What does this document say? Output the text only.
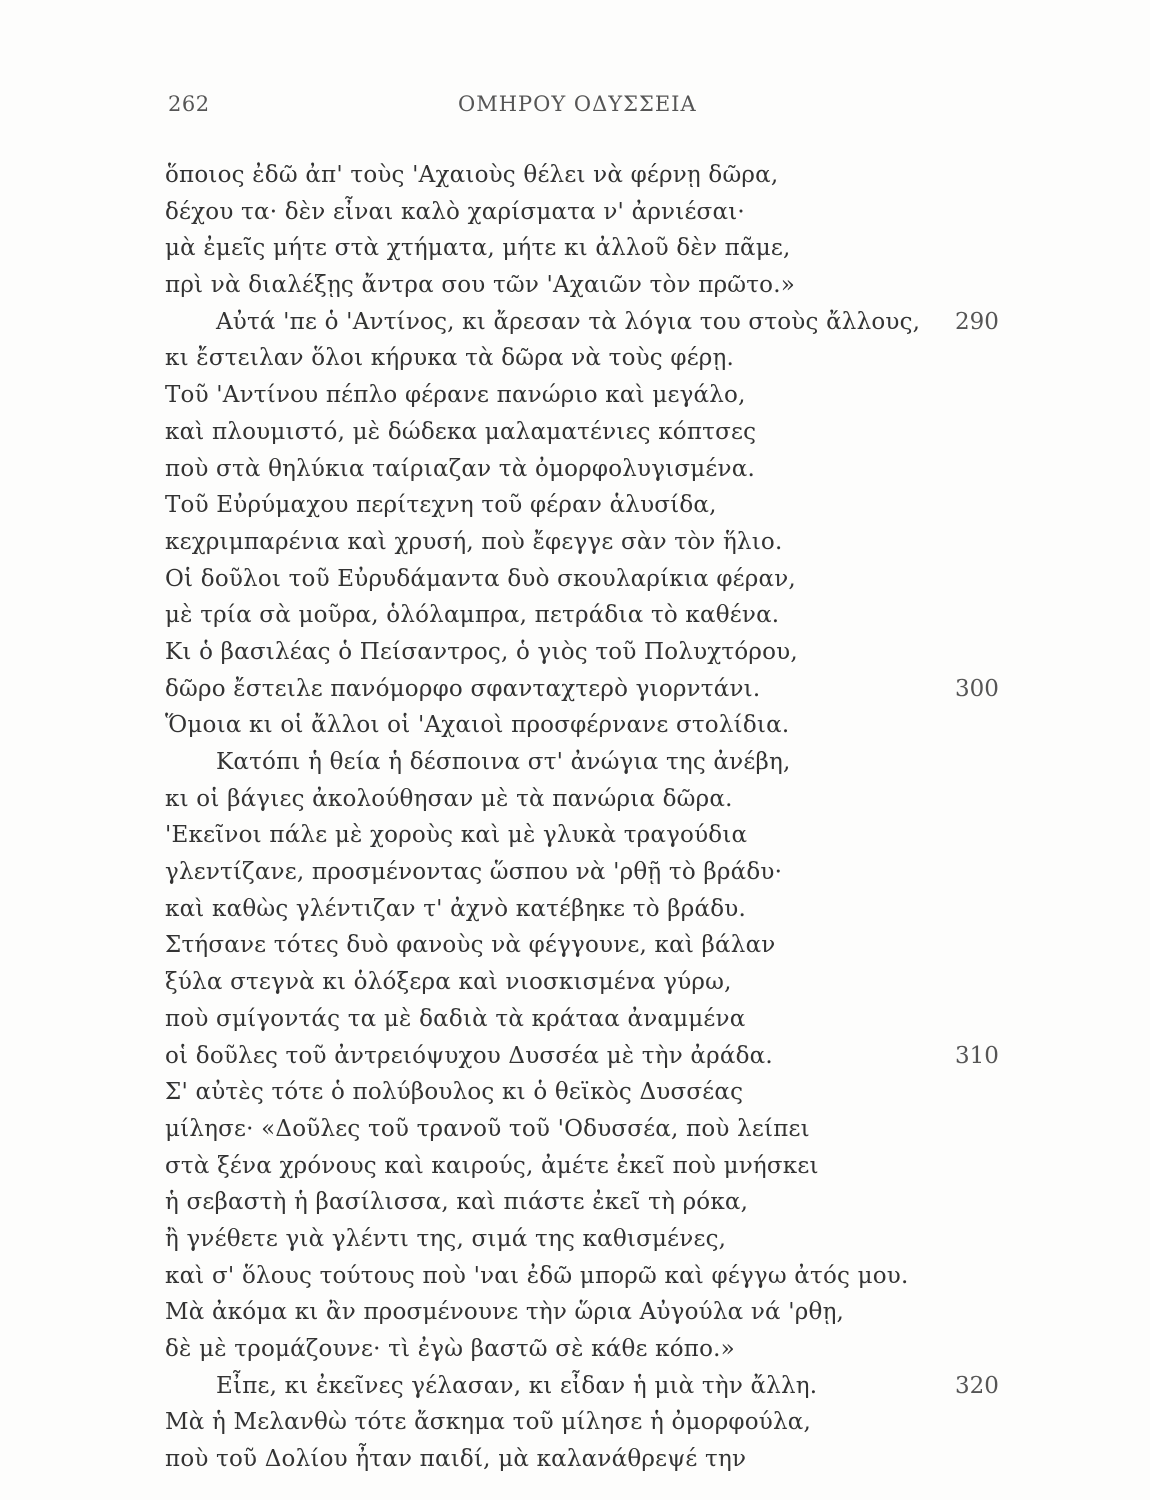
262	ΟΜΗΡΟΥ ΟΔΥΣΣΕΙΑ
ὅποιος ἐδῶ ἀπ' τοὺς 'Αχαιοὺς θέλει νὰ φέρνῃ δῶρα,
δέχου τα· δὲν εἶναι καλὸ χαρίσματα ν' ἀρνιέσαι·
μὰ ἐμεῖς μήτε στὰ χτήματα, μήτε κι ἀλλοῦ δὲν πᾶμε,
πρὶ νὰ διαλέξῃς ἄντρα σου τῶν 'Αχαιῶν τὸν πρῶτο.»
Αὐτά 'πε ὁ 'Αντίνος, κι ἄρεσαν τὰ λόγια του στοὺς ἄλλους, 290
κι ἔστειλαν ὅλοι κήρυκα τὰ δῶρα νὰ τοὺς φέρῃ.
Τοῦ 'Αντίνου πέπλο φέρανε πανώριο καὶ μεγάλο,
καὶ πλουμιστό, μὲ δώδεκα μαλαματένιες κόπτσες
ποὺ στὰ θηλύκια ταίριαζαν τὰ ὀμορφολυγισμένα.
Τοῦ Εὐρύμαχου περίτεχνη τοῦ φέραν ἁλυσίδα,
κεχριμπαρένια καὶ χρυσή, ποὺ ἔφεγγε σὰν τὸν ἥλιο.
Οἱ δοῦλοι τοῦ Εὐρυδάμαντα δυὸ σκουλαρίκια φέραν,
μὲ τρία σὰ μοῦρα, ὁλόλαμπρα, πετράδια τὸ καθένα.
Κι ὁ βασιλέας ὁ Πείσαντρος, ὁ γιὸς τοῦ Πολυχτόρου,
δῶρο ἔστειλε πανόμορφο σφανταχτερὸ γιορντάνι.	300
Ὅμοια κι οἱ ἄλλοι οἱ 'Αχαιοὶ προσφέρνανε στολίδια.
Κατόπι ἡ θεία ἡ δέσποινα στ' ἀνώγια της ἀνέβη,
κι οἱ βάγιες ἀκολούθησαν μὲ τὰ πανώρια δῶρα.
'Εκεῖνοι πάλε μὲ χοροὺς καὶ μὲ γλυκὰ τραγούδια
γλεντίζανε, προσμένοντας ὥσπου νὰ 'ρθῇ τὸ βράδυ·
καὶ καθὼς γλέντιζαν τ' ἀχνὸ κατέβηκε τὸ βράδυ.
Στήσανε τότες δυὸ φανοὺς νὰ φέγγουνε, καὶ βάλαν
ξύλα στεγνὰ κι ὁλόξερα καὶ νιοσκισμένα γύρω,
ποὺ σμίγοντάς τα μὲ δαδιὰ τὰ κράταα ἀναμμένα
οἱ δοῦλες τοῦ ἀντρειόψυχου Δυσσέα μὲ τὴν ἀράδα.	310
Σ' αὐτὲς τότε ὁ πολύβουλος κι ὁ θεϊκὸς Δυσσέας
μίλησε· «Δοῦλες τοῦ τρανοῦ τοῦ 'Οδυσσέα, ποὺ λείπει
στὰ ξένα χρόνους καὶ καιρούς, ἀμέτε ἐκεῖ ποὺ μνήσκει
ἡ σεβαστὴ ἡ βασίλισσα, καὶ πιάστε ἐκεῖ τὴ ρόκα,
ἢ γνέθετε γιὰ γλέντι της, σιμά της καθισμένες,
καὶ σ' ὅλους τούτους ποὺ 'ναι ἐδῶ μπορῶ καὶ φέγγω ἀτός μου.
Μὰ ἀκόμα κι ἂν προσμένουνε τὴν ὥρια Αὐγούλα νά 'ρθῃ,
δὲ μὲ τρομάζουνε· τὶ ἐγὼ βαστῶ σὲ κάθε κόπο.»
Εἶπε, κι ἐκεῖνες γέλασαν, κι εἶδαν ἡ μιὰ τὴν ἄλλη.	320
Μὰ ἡ Μελανθὼ τότε ἄσκημα τοῦ μίλησε ἡ ὀμορφούλα,
ποὺ τοῦ Δολίου ἦταν παιδί, μὰ καλανάθρεψέ την
